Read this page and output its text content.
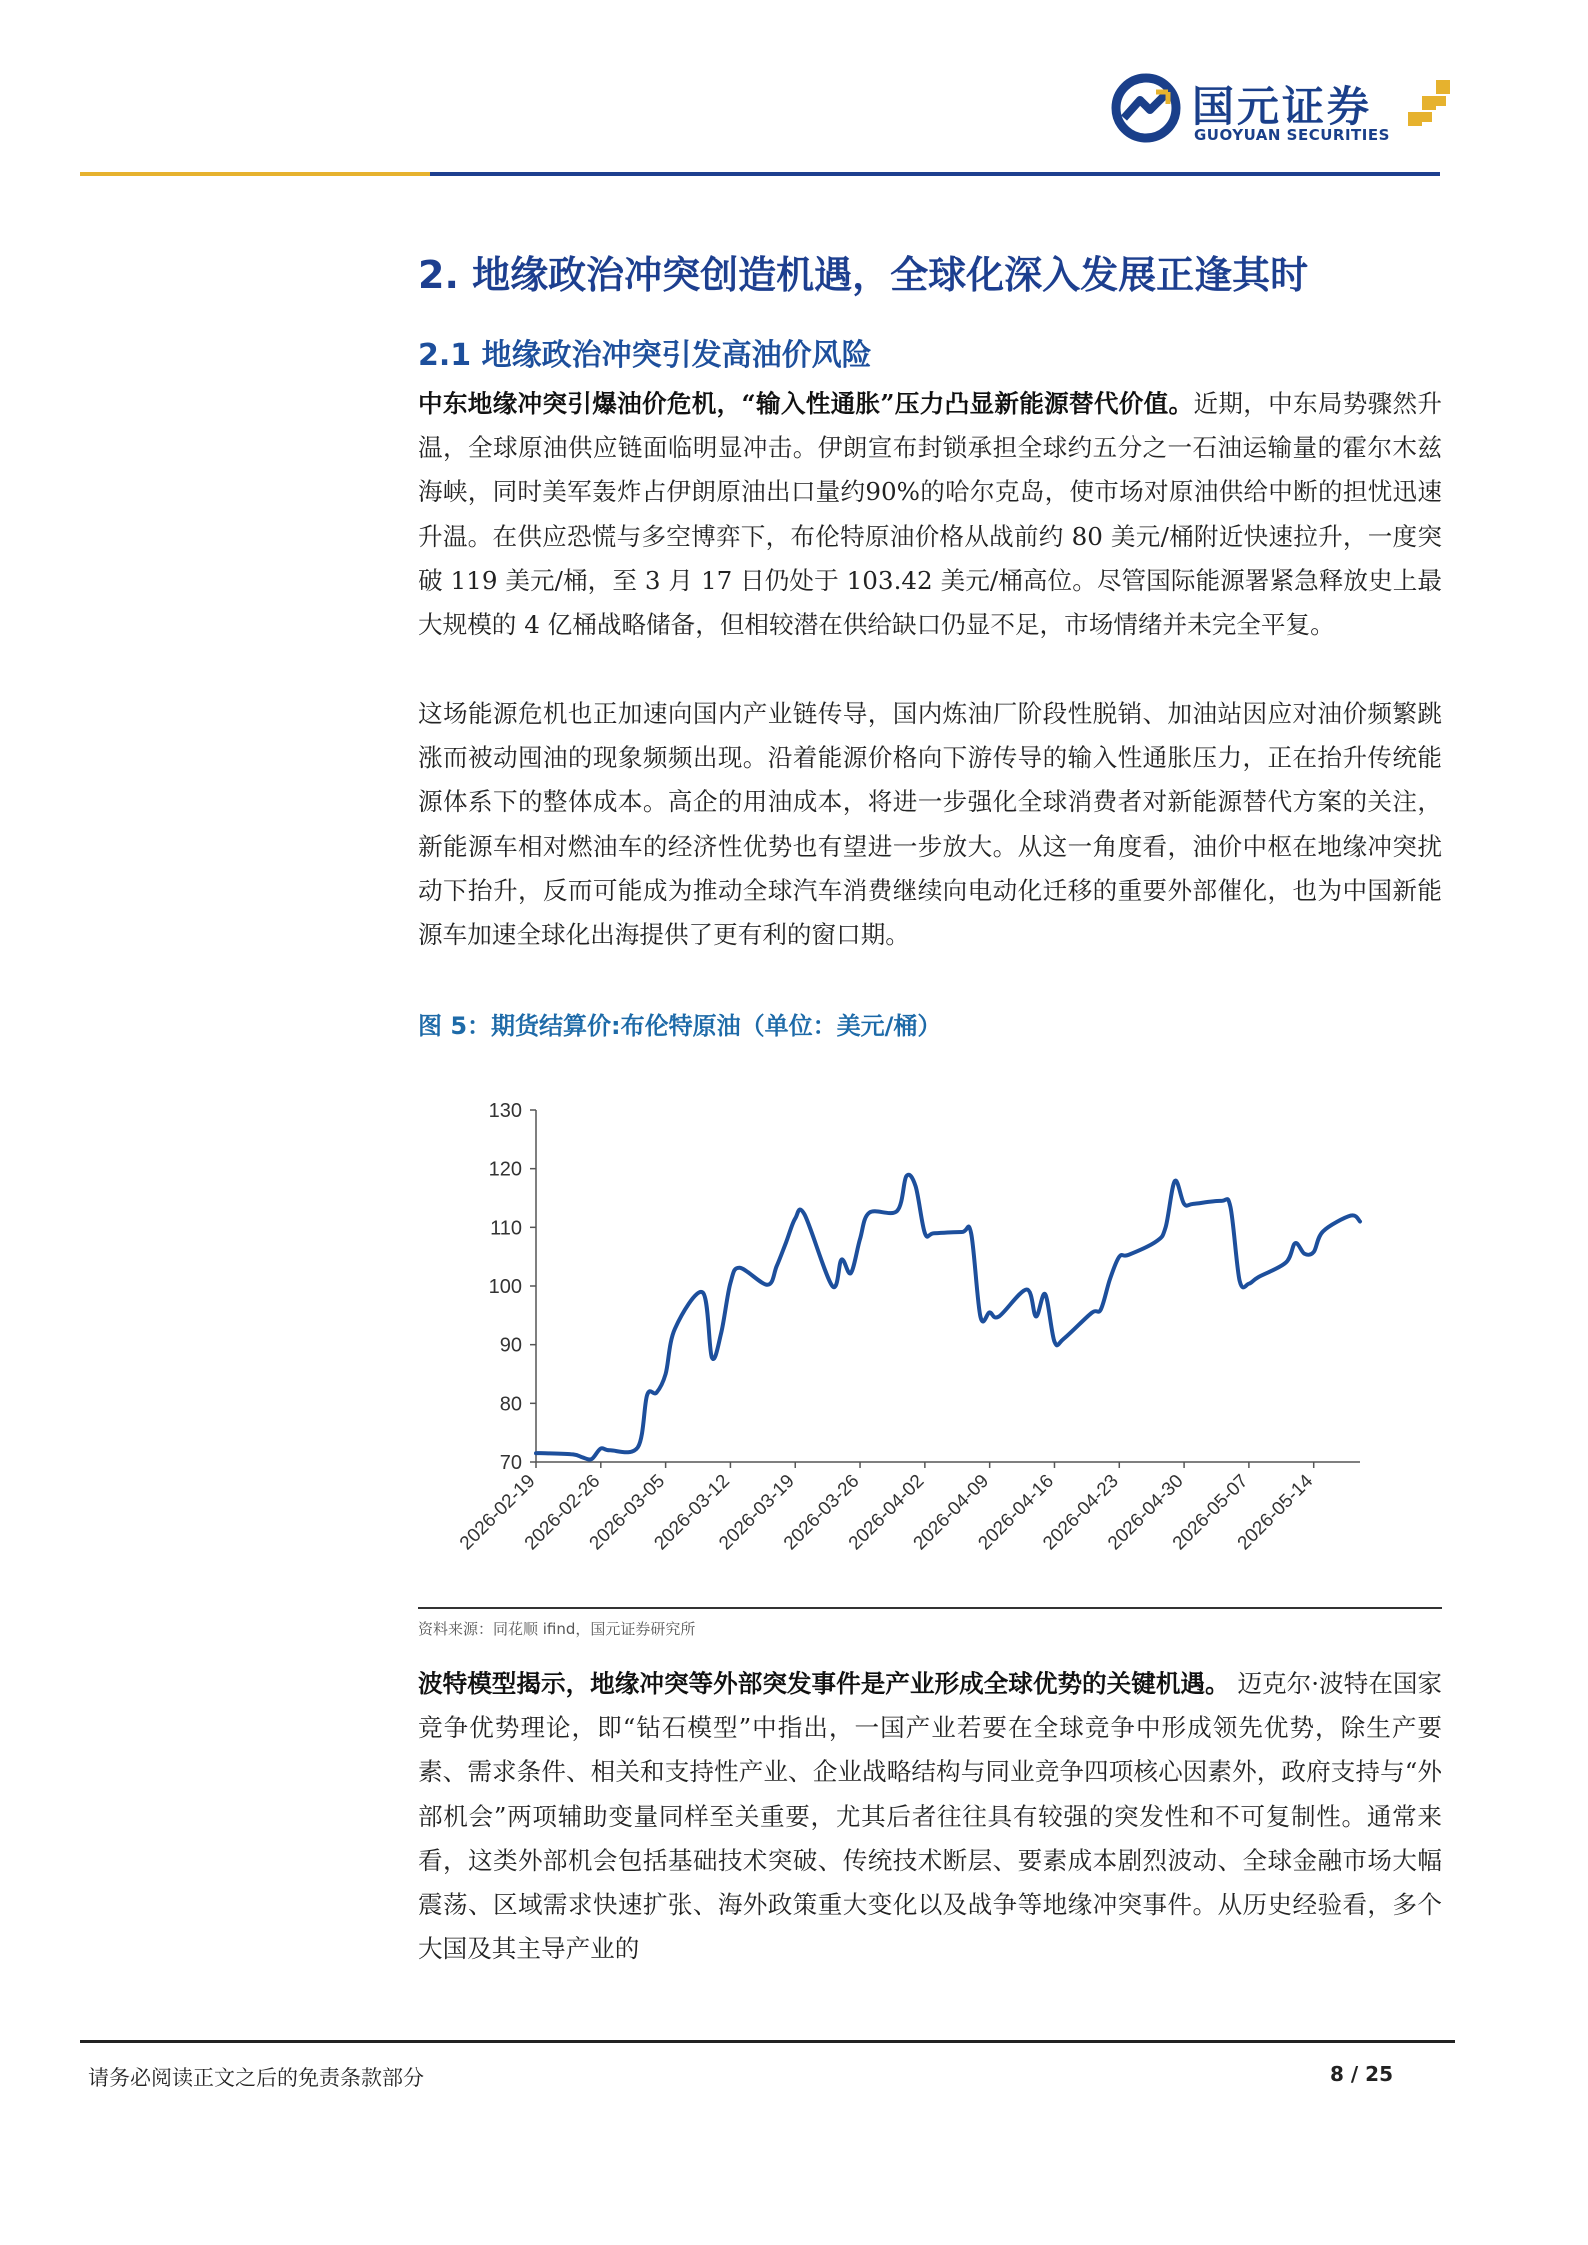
国元证券
GUOYUAN SECURITIES
2. 地缘政治冲突创造机遇，全球化深入发展正逢其时
2.1 地缘政治冲突引发高油价风险
中东地缘冲突引爆油价危机，“输入性通胀”压力凸显新能源替代价值。近期，中东局势骤然升温，全球原油供应链面临明显冲击。伊朗宣布封锁承担全球约五分之一石油运输量的霍尔木兹海峡，同时美军轰炸占伊朗原油出口量约90%的哈尔克岛，使市场对原油供给中断的担忧迅速升温。在供应恐慌与多空博弈下，布伦特原油价格从战前约 80 美元/桶附近快速拉升，一度突破 119 美元/桶，至 3 月 17 日仍处于 103.42 美元/桶高位。尽管国际能源署紧急释放史上最大规模的 4 亿桶战略储备，但相较潜在供给缺口仍显不足，市场情绪并未完全平复。
这场能源危机也正加速向国内产业链传导，国内炼油厂阶段性脱销、加油站因应对油价频繁跳涨而被动囤油的现象频频出现。沿着能源价格向下游传导的输入性通胀压力，正在抬升传统能源体系下的整体成本。高企的用油成本，将进一步强化全球消费者对新能源替代方案的关注，新能源车相对燃油车的经济性优势也有望进一步放大。从这一角度看，油价中枢在地缘冲突扰动下抬升，反而可能成为推动全球汽车消费继续向电动化迁移的重要外部催化，也为中国新能源车加速全球化出海提供了更有利的窗口期。
图 5：期货结算价:布伦特原油（单位：美元/桶）
70
80
90
100
110
120
130
2026-02-19
2026-02-26
2026-03-05
2026-03-12
2026-03-19
2026-03-26
2026-04-02
2026-04-09
2026-04-16
2026-04-23
2026-04-30
2026-05-07
2026-05-14
资料来源：同花顺 ifind，国元证券研究所
波特模型揭示，地缘冲突等外部突发事件是产业形成全球优势的关键机遇。 迈克尔·波特在国家竞争优势理论，即“钻石模型”中指出，一国产业若要在全球竞争中形成领先优势，除生产要素、需求条件、相关和支持性产业、企业战略结构与同业竞争四项核心因素外，政府支持与“外部机会”两项辅助变量同样至关重要，尤其后者往往具有较强的突发性和不可复制性。通常来看，这类外部机会包括基础技术突破、传统技术断层、要素成本剧烈波动、全球金融市场大幅震荡、区域需求快速扩张、海外政策重大变化以及战争等地缘冲突事件。从历史经验看，多个大国及其主导产业的
请务必阅读正文之后的免责条款部分	8 / 25
